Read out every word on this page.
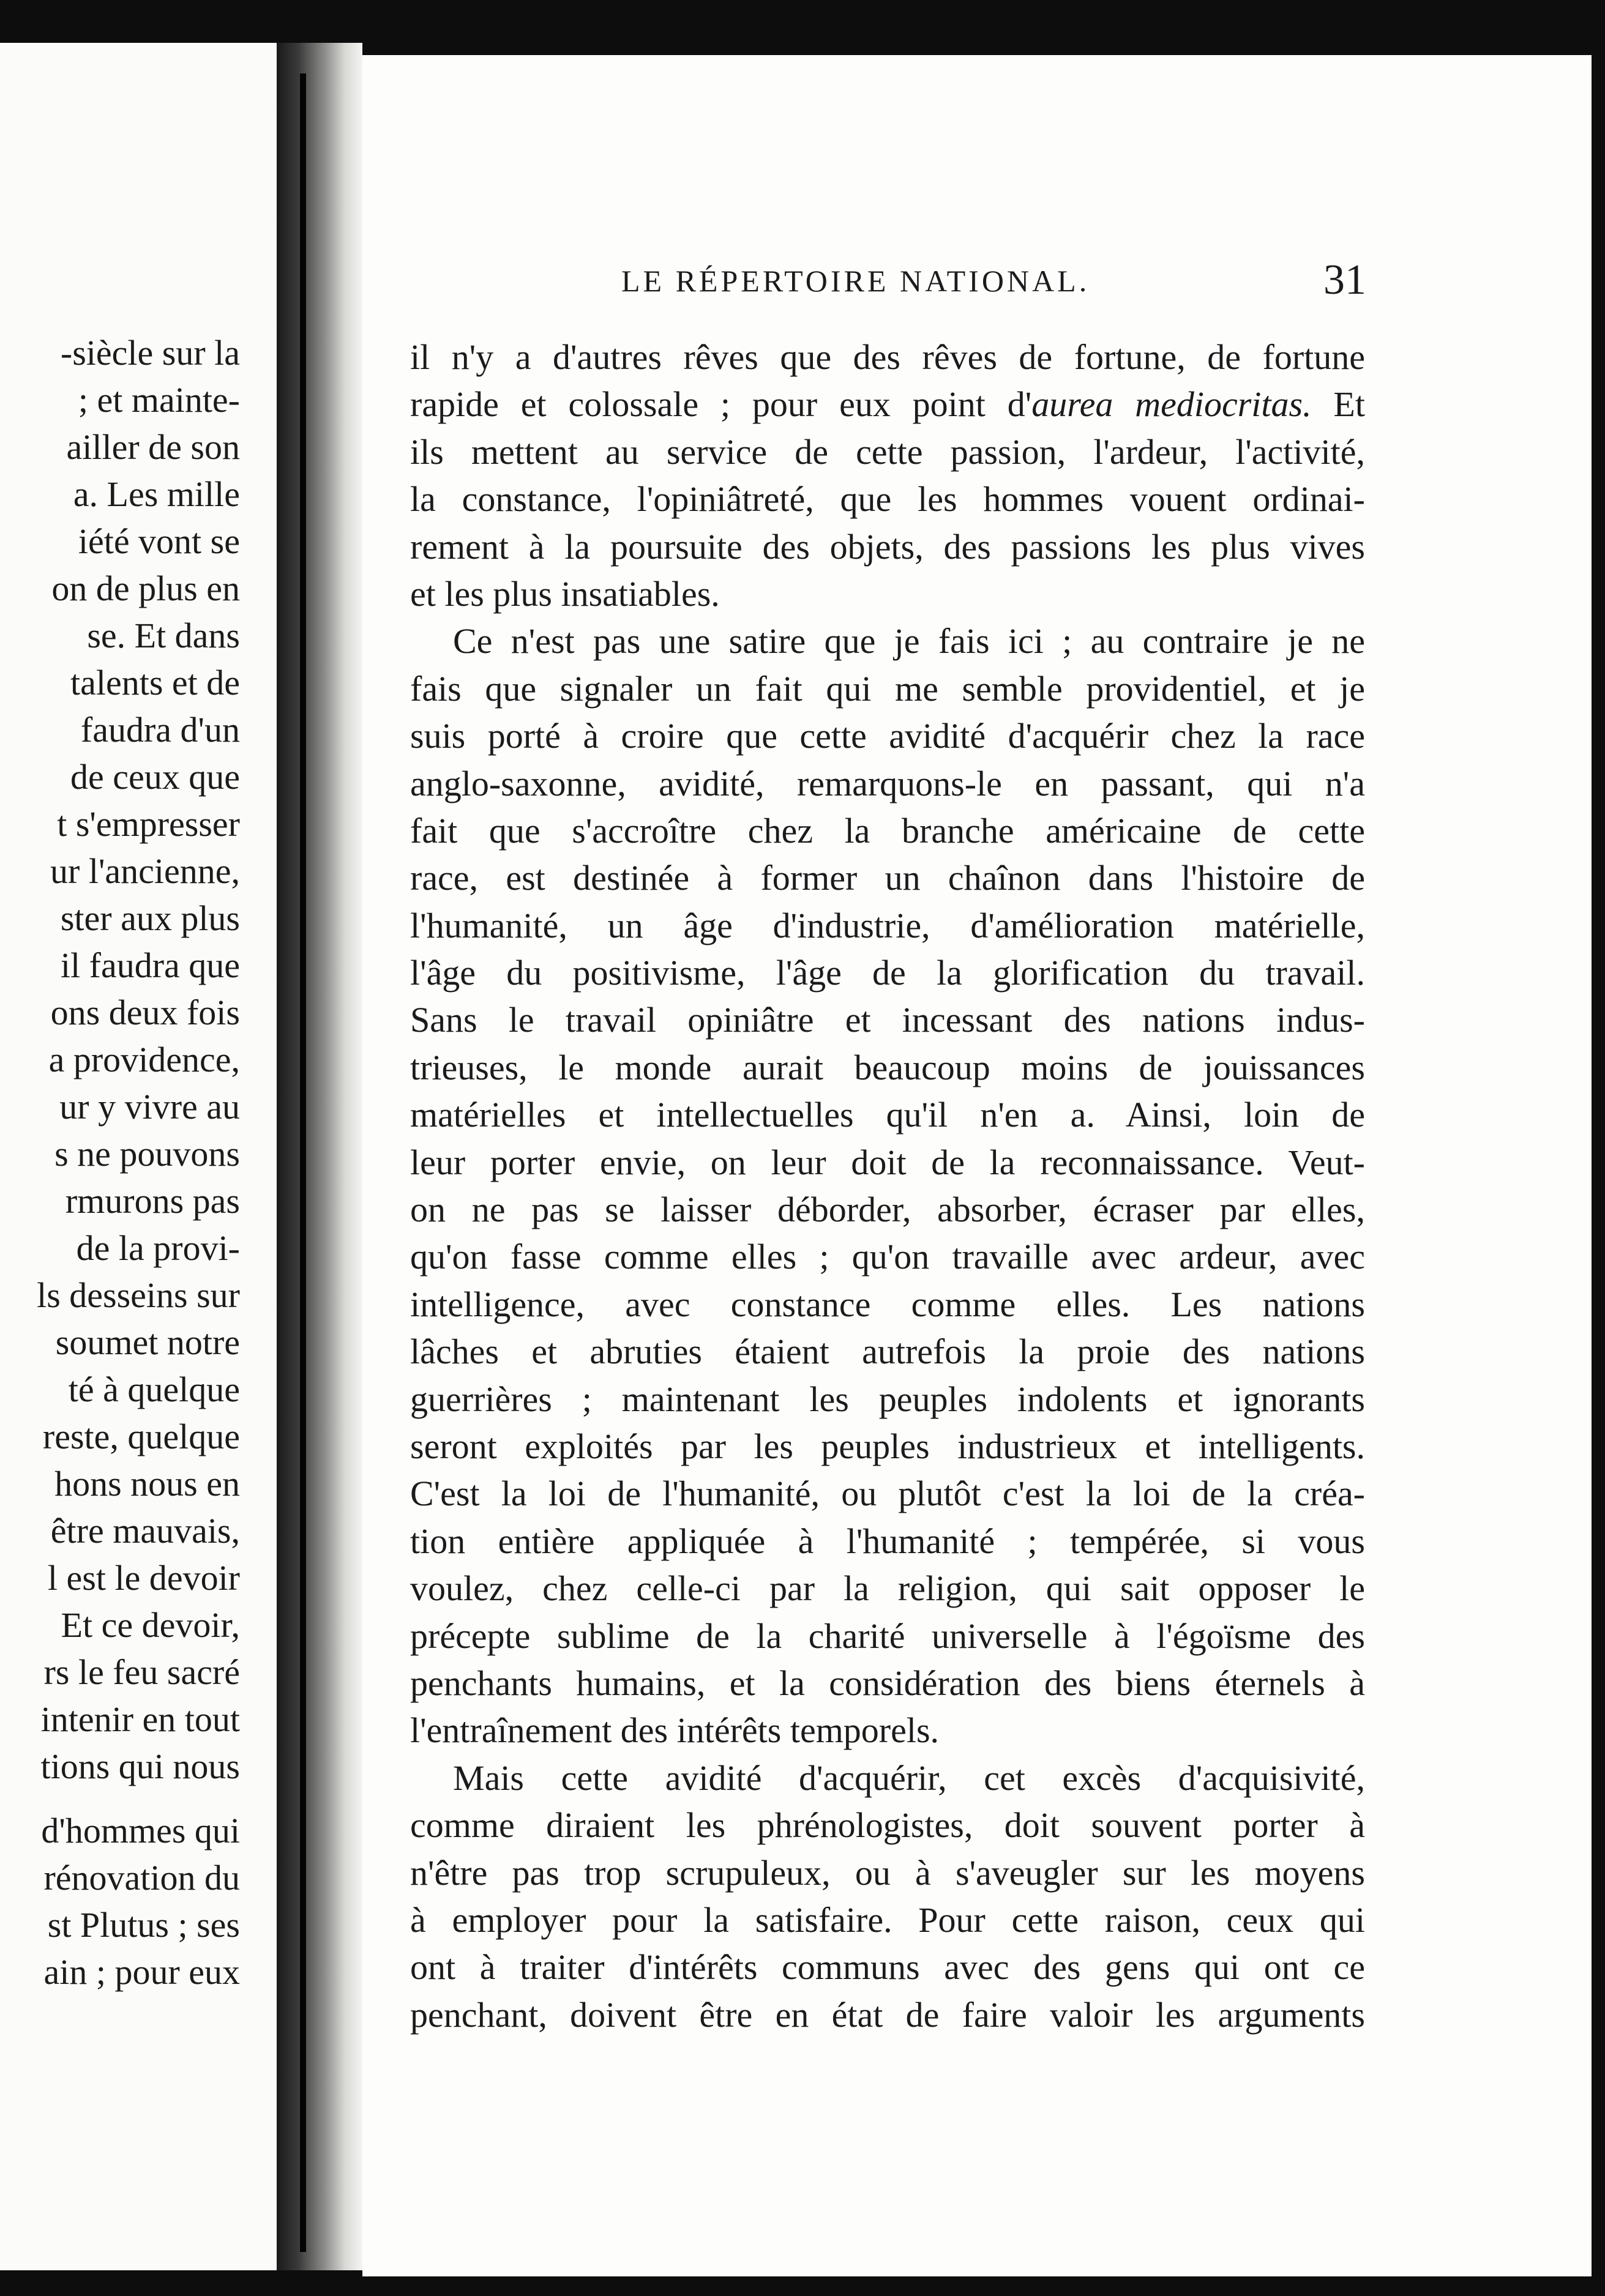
-siècle sur la
; et mainte-
ailler de son
a. Les mille
iété vont se
on de plus en
se. Et dans
talents et de
faudra d'un
de ceux que
t s'empresser
ur l'ancienne,
ster aux plus
il faudra que
ons deux fois
a providence,
ur y vivre au
s ne pouvons
rmurons pas
de la provi-
ls desseins sur
soumet notre
té à quelque
reste, quelque
hons nous en
être mauvais,
l est le devoir
Et ce devoir,
rs le feu sacré
intenir en tout
tions qui nous
d'hommes qui
rénovation du
st Plutus ; ses
ain ; pour eux
LE RÉPERTOIRE NATIONAL.	31
il n'y a d'autres rêves que des rêves de fortune, de fortune
rapide et colossale ; pour eux point d'aurea mediocritas. Et
ils mettent au service de cette passion, l'ardeur, l'activité,
la constance, l'opiniâtreté, que les hommes vouent ordinai-
rement à la poursuite des objets, des passions les plus vives
et les plus insatiables.
Ce n'est pas une satire que je fais ici ; au contraire je ne
fais que signaler un fait qui me semble providentiel, et je
suis porté à croire que cette avidité d'acquérir chez la race
anglo-saxonne, avidité, remarquons-le en passant, qui n'a
fait que s'accroître chez la branche américaine de cette
race, est destinée à former un chaînon dans l'histoire de
l'humanité, un âge d'industrie, d'amélioration matérielle,
l'âge du positivisme, l'âge de la glorification du travail.
Sans le travail opiniâtre et incessant des nations indus-
trieuses, le monde aurait beaucoup moins de jouissances
matérielles et intellectuelles qu'il n'en a. Ainsi, loin de
leur porter envie, on leur doit de la reconnaissance. Veut-
on ne pas se laisser déborder, absorber, écraser par elles,
qu'on fasse comme elles ; qu'on travaille avec ardeur, avec
intelligence, avec constance comme elles. Les nations
lâches et abruties étaient autrefois la proie des nations
guerrières ; maintenant les peuples indolents et ignorants
seront exploités par les peuples industrieux et intelligents.
C'est la loi de l'humanité, ou plutôt c'est la loi de la créa-
tion entière appliquée à l'humanité ; tempérée, si vous
voulez, chez celle-ci par la religion, qui sait opposer le
précepte sublime de la charité universelle à l'égoïsme des
penchants humains, et la considération des biens éternels à
l'entraînement des intérêts temporels.
Mais cette avidité d'acquérir, cet excès d'acquisivité,
comme diraient les phrénologistes, doit souvent porter à
n'être pas trop scrupuleux, ou à s'aveugler sur les moyens
à employer pour la satisfaire. Pour cette raison, ceux qui
ont à traiter d'intérêts communs avec des gens qui ont ce
penchant, doivent être en état de faire valoir les arguments
